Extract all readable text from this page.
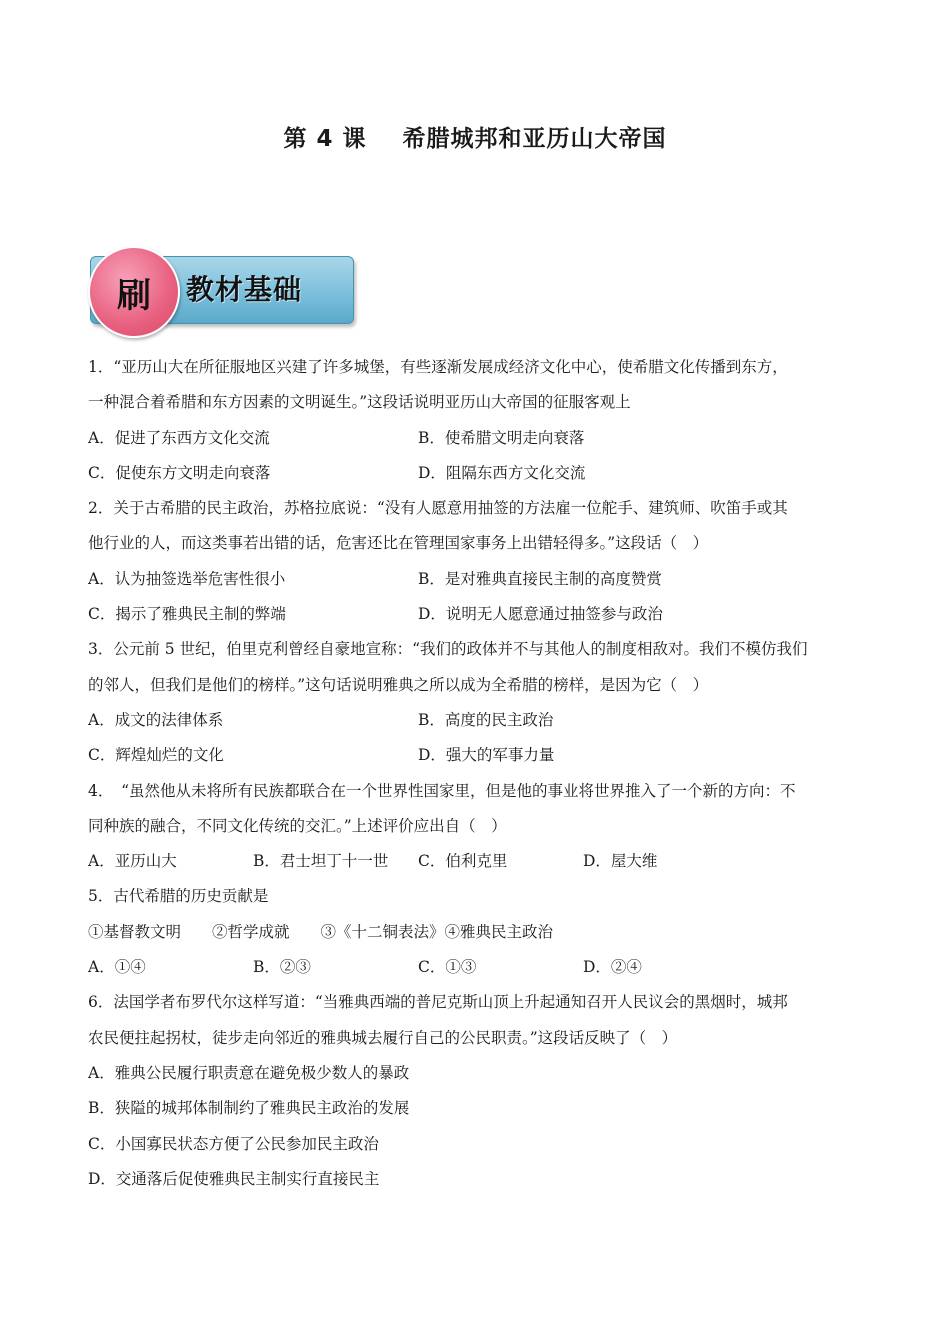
第 4 课    希腊城邦和亚历山大帝国
刷 教材基础
1．“亚历山大在所征服地区兴建了许多城堡，有些逐渐发展成经济文化中心，使希腊文化传播到东方，
一种混合着希腊和东方因素的文明诞生。”这段话说明亚历山大帝国的征服客观上
A．促进了东西方文化交流	B．使希腊文明走向衰落
C．促使东方文明走向衰落	D．阻隔东西方文化交流
2．关于古希腊的民主政治，苏格拉底说：“没有人愿意用抽签的方法雇一位舵手、建筑师、吹笛手或其
他行业的人，而这类事若出错的话，危害还比在管理国家事务上出错轻得多。”这段话（　）
A．认为抽签选举危害性很小	B．是对雅典直接民主制的高度赞赏
C．揭示了雅典民主制的弊端	D．说明无人愿意通过抽签参与政治
3．公元前 5 世纪，伯里克利曾经自豪地宣称：“我们的政体并不与其他人的制度相敌对。我们不模仿我们
的邻人，但我们是他们的榜样。”这句话说明雅典之所以成为全希腊的榜样，是因为它（　）
A．成文的法律体系	B．高度的民主政治
C．辉煌灿烂的文化	D．强大的军事力量
4．　“虽然他从未将所有民族都联合在一个世界性国家里，但是他的事业将世界推入了一个新的方向：不
同种族的融合，不同文化传统的交汇。”上述评价应出自（　）
A．亚历山大	B．君士坦丁十一世	C．伯利克里	D．屋大维
5．古代希腊的历史贡献是
①基督教文明　　②哲学成就　　③《十二铜表法》④雅典民主政治
A．①④	B．②③	C．①③	D．②④
6．法国学者布罗代尔这样写道：“当雅典西端的普尼克斯山顶上升起通知召开人民议会的黑烟时，城邦
农民便拄起拐杖，徒步走向邻近的雅典城去履行自己的公民职责。”这段话反映了（　）
A．雅典公民履行职责意在避免极少数人的暴政
B．狭隘的城邦体制制约了雅典民主政治的发展
C．小国寡民状态方便了公民参加民主政治
D．交通落后促使雅典民主制实行直接民主
